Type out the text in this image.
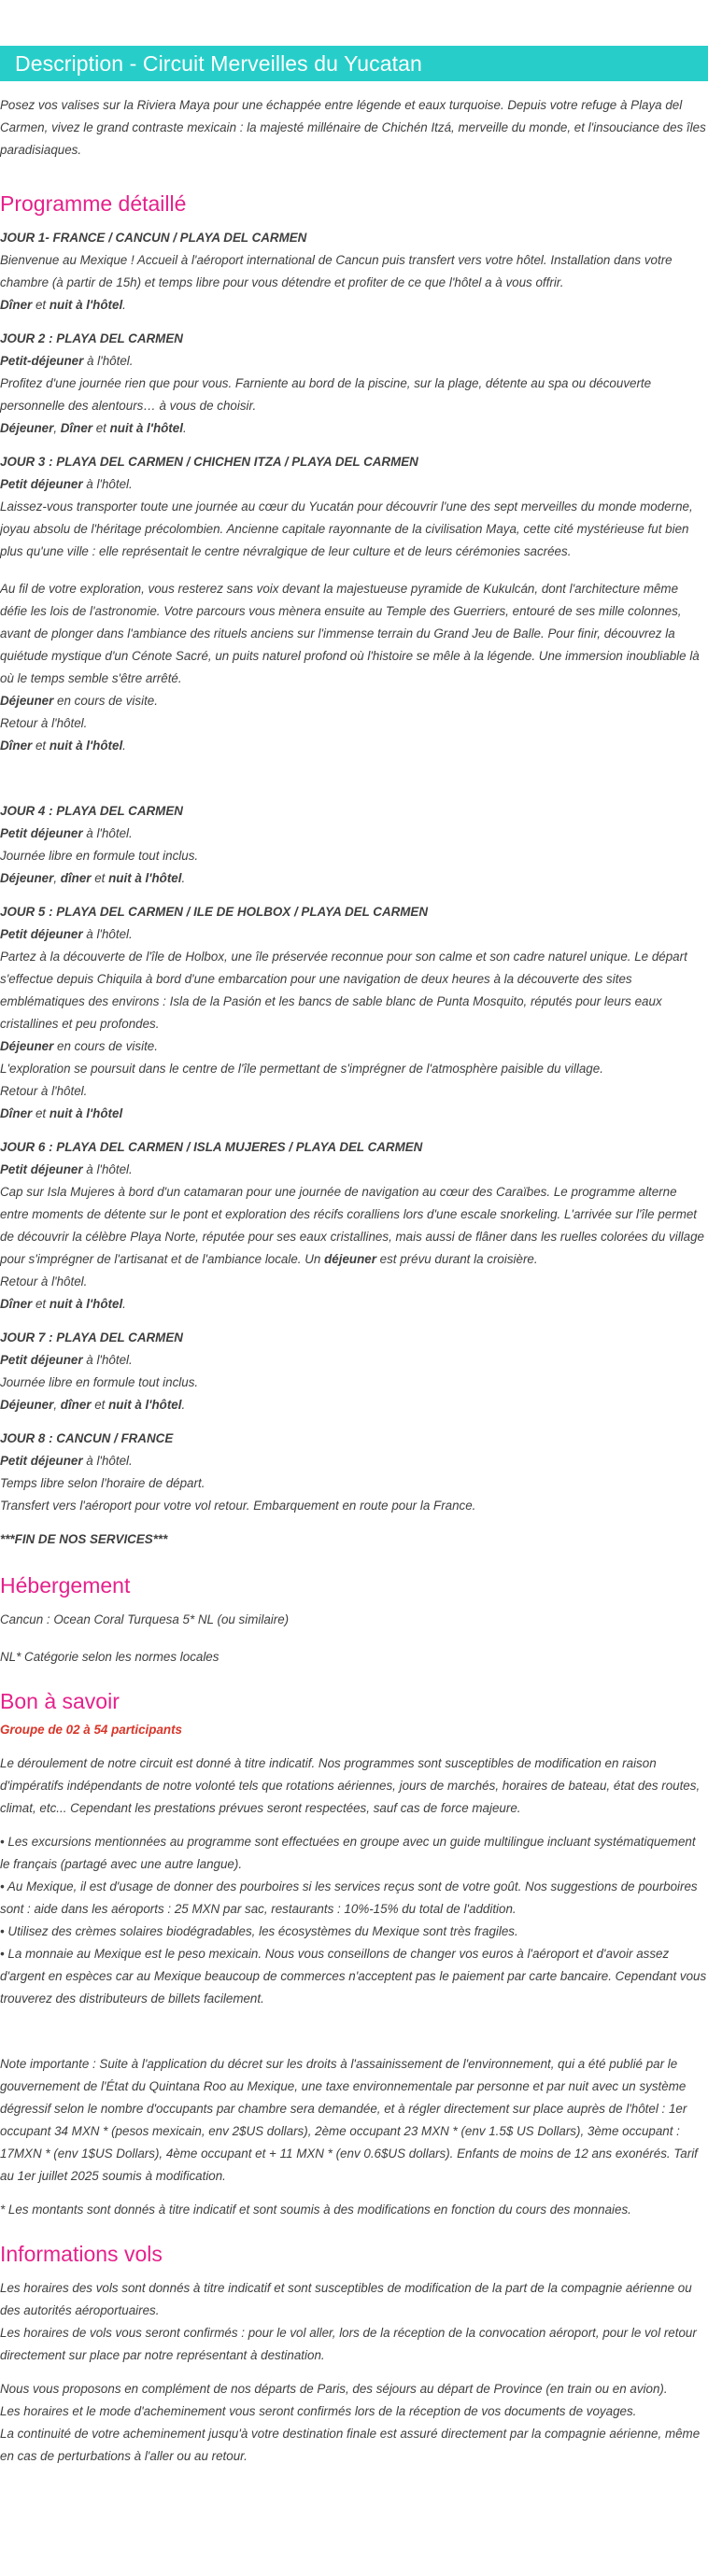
Description - Circuit Merveilles du Yucatan

Posez vos valises sur la Riviera Maya pour une échappée entre légende et eaux turquoise. Depuis votre refuge à Playa del Carmen, vivez le grand contraste mexicain : la majesté millénaire de Chichén Itzá, merveille du monde, et l'insouciance des îles paradisiaques.

Programme détaillé

JOUR 1- FRANCE / CANCUN / PLAYA DEL CARMEN

Bienvenue au Mexique ! Accueil à l'aéroport international de Cancun puis transfert vers votre hôtel. Installation dans votre chambre (à partir de 15h) et temps libre pour vous détendre et profiter de ce que l'hôtel a à vous offrir.

Dîner et nuit à l'hôtel.

JOUR 2 : PLAYA DEL CARMEN

Petit-déjeuner à l'hôtel.

Profitez d'une journée rien que pour vous. Farniente au bord de la piscine, sur la plage, détente au spa ou découverte personnelle des alentours… à vous de choisir.

Déjeuner, Dîner et nuit à l'hôtel.

JOUR 3 : PLAYA DEL CARMEN / CHICHEN ITZA / PLAYA DEL CARMEN

Petit déjeuner à l'hôtel.

Laissez-vous transporter toute une journée au cœur du Yucatán pour découvrir l'une des sept merveilles du monde moderne, joyau absolu de l'héritage précolombien. Ancienne capitale rayonnante de la civilisation Maya, cette cité mystérieuse fut bien plus qu'une ville : elle représentait le centre névralgique de leur culture et de leurs cérémonies sacrées.

Au fil de votre exploration, vous resterez sans voix devant la majestueuse pyramide de Kukulcán, dont l'architecture même défie les lois de l'astronomie. Votre parcours vous mènera ensuite au Temple des Guerriers, entouré de ses mille colonnes, avant de plonger dans l'ambiance des rituels anciens sur l'immense terrain du Grand Jeu de Balle. Pour finir, découvrez la quiétude mystique d'un Cénote Sacré, un puits naturel profond où l'histoire se mêle à la légende. Une immersion inoubliable là où le temps semble s'être arrêté.

Déjeuner en cours de visite.

Retour à l'hôtel.

Dîner et nuit à l'hôtel.

JOUR 4 : PLAYA DEL CARMEN

Petit déjeuner à l'hôtel.

Journée libre en formule tout inclus.

Déjeuner, dîner et nuit à l'hôtel.

JOUR 5 : PLAYA DEL CARMEN / ILE DE HOLBOX / PLAYA DEL CARMEN

Petit déjeuner à l'hôtel.

Partez à la découverte de l'île de Holbox, une île préservée reconnue pour son calme et son cadre naturel unique. Le départ s'effectue depuis Chiquila à bord d'une embarcation pour une navigation de deux heures à la découverte des sites emblématiques des environs : Isla de la Pasión et les bancs de sable blanc de Punta Mosquito, réputés pour leurs eaux cristallines et peu profondes.

Déjeuner en cours de visite.

L'exploration se poursuit dans le centre de l'île permettant de s'imprégner de l'atmosphère paisible du village.

Retour à l'hôtel.

Dîner et nuit à l'hôtel

JOUR 6 : PLAYA DEL CARMEN / ISLA MUJERES / PLAYA DEL CARMEN

Petit déjeuner à l'hôtel.

Cap sur Isla Mujeres à bord d'un catamaran pour une journée de navigation au cœur des Caraïbes. Le programme alterne entre moments de détente sur le pont et exploration des récifs coralliens lors d'une escale snorkeling. L'arrivée sur l'île permet de découvrir la célèbre Playa Norte, réputée pour ses eaux cristallines, mais aussi de flâner dans les ruelles colorées du village pour s'imprégner de l'artisanat et de l'ambiance locale. Un déjeuner est prévu durant la croisière.

Retour à l'hôtel.

Dîner et nuit à l'hôtel.

JOUR 7 : PLAYA DEL CARMEN

Petit déjeuner à l'hôtel.

Journée libre en formule tout inclus.

Déjeuner, dîner et nuit à l'hôtel.

JOUR 8 : CANCUN / FRANCE

Petit déjeuner à l'hôtel.

Temps libre selon l'horaire de départ.

Transfert vers l'aéroport pour votre vol retour. Embarquement en route pour la France.

***FIN DE NOS SERVICES***

Hébergement

Cancun : Ocean Coral Turquesa 5* NL (ou similaire)

NL* Catégorie selon les normes locales

Bon à savoir

Groupe de 02 à 54 participants

Le déroulement de notre circuit est donné à titre indicatif. Nos programmes sont susceptibles de modification en raison d'impératifs indépendants de notre volonté tels que rotations aériennes, jours de marchés, horaires de bateau, état des routes, climat, etc... Cependant les prestations prévues seront respectées, sauf cas de force majeure.

• Les excursions mentionnées au programme sont effectuées en groupe avec un guide multilingue incluant systématiquement le français (partagé avec une autre langue).

• Au Mexique, il est d'usage de donner des pourboires si les services reçus sont de votre goût. Nos suggestions de pourboires sont : aide dans les aéroports : 25 MXN par sac, restaurants : 10%-15% du total de l'addition.

• Utilisez des crèmes solaires biodégradables, les écosystèmes du Mexique sont très fragiles.

• La monnaie au Mexique est le peso mexicain. Nous vous conseillons de changer vos euros à l'aéroport et d'avoir assez d'argent en espèces car au Mexique beaucoup de commerces n'acceptent pas le paiement par carte bancaire. Cependant vous trouverez des distributeurs de billets facilement.

Note importante : Suite à l'application du décret sur les droits à l'assainissement de l'environnement, qui a été publié par le gouvernement de l'État du Quintana Roo au Mexique, une taxe environnementale par personne et par nuit avec un système dégressif selon le nombre d'occupants par chambre sera demandée, et à régler directement sur place auprès de l'hôtel : 1er occupant 34 MXN * (pesos mexicain, env 2$US dollars), 2ème occupant 23 MXN * (env 1.5$ US Dollars), 3ème occupant : 17MXN * (env 1$US Dollars), 4ème occupant et + 11 MXN * (env 0.6$US dollars). Enfants de moins de 12 ans exonérés. Tarif au 1er juillet 2025 soumis à modification.

* Les montants sont donnés à titre indicatif et sont soumis à des modifications en fonction du cours des monnaies.

Informations vols

Les horaires des vols sont donnés à titre indicatif et sont susceptibles de modification de la part de la compagnie aérienne ou des autorités aéroportuaires.

Les horaires de vols vous seront confirmés : pour le vol aller, lors de la réception de la convocation aéroport, pour le vol retour directement sur place par notre représentant à destination.

Nous vous proposons en complément de nos départs de Paris, des séjours au départ de Province (en train ou en avion).

Les horaires et le mode d'acheminement vous seront confirmés lors de la réception de vos documents de voyages.

La continuité de votre acheminement jusqu'à votre destination finale est assuré directement par la compagnie aérienne, même en cas de perturbations à l'aller ou au retour.
